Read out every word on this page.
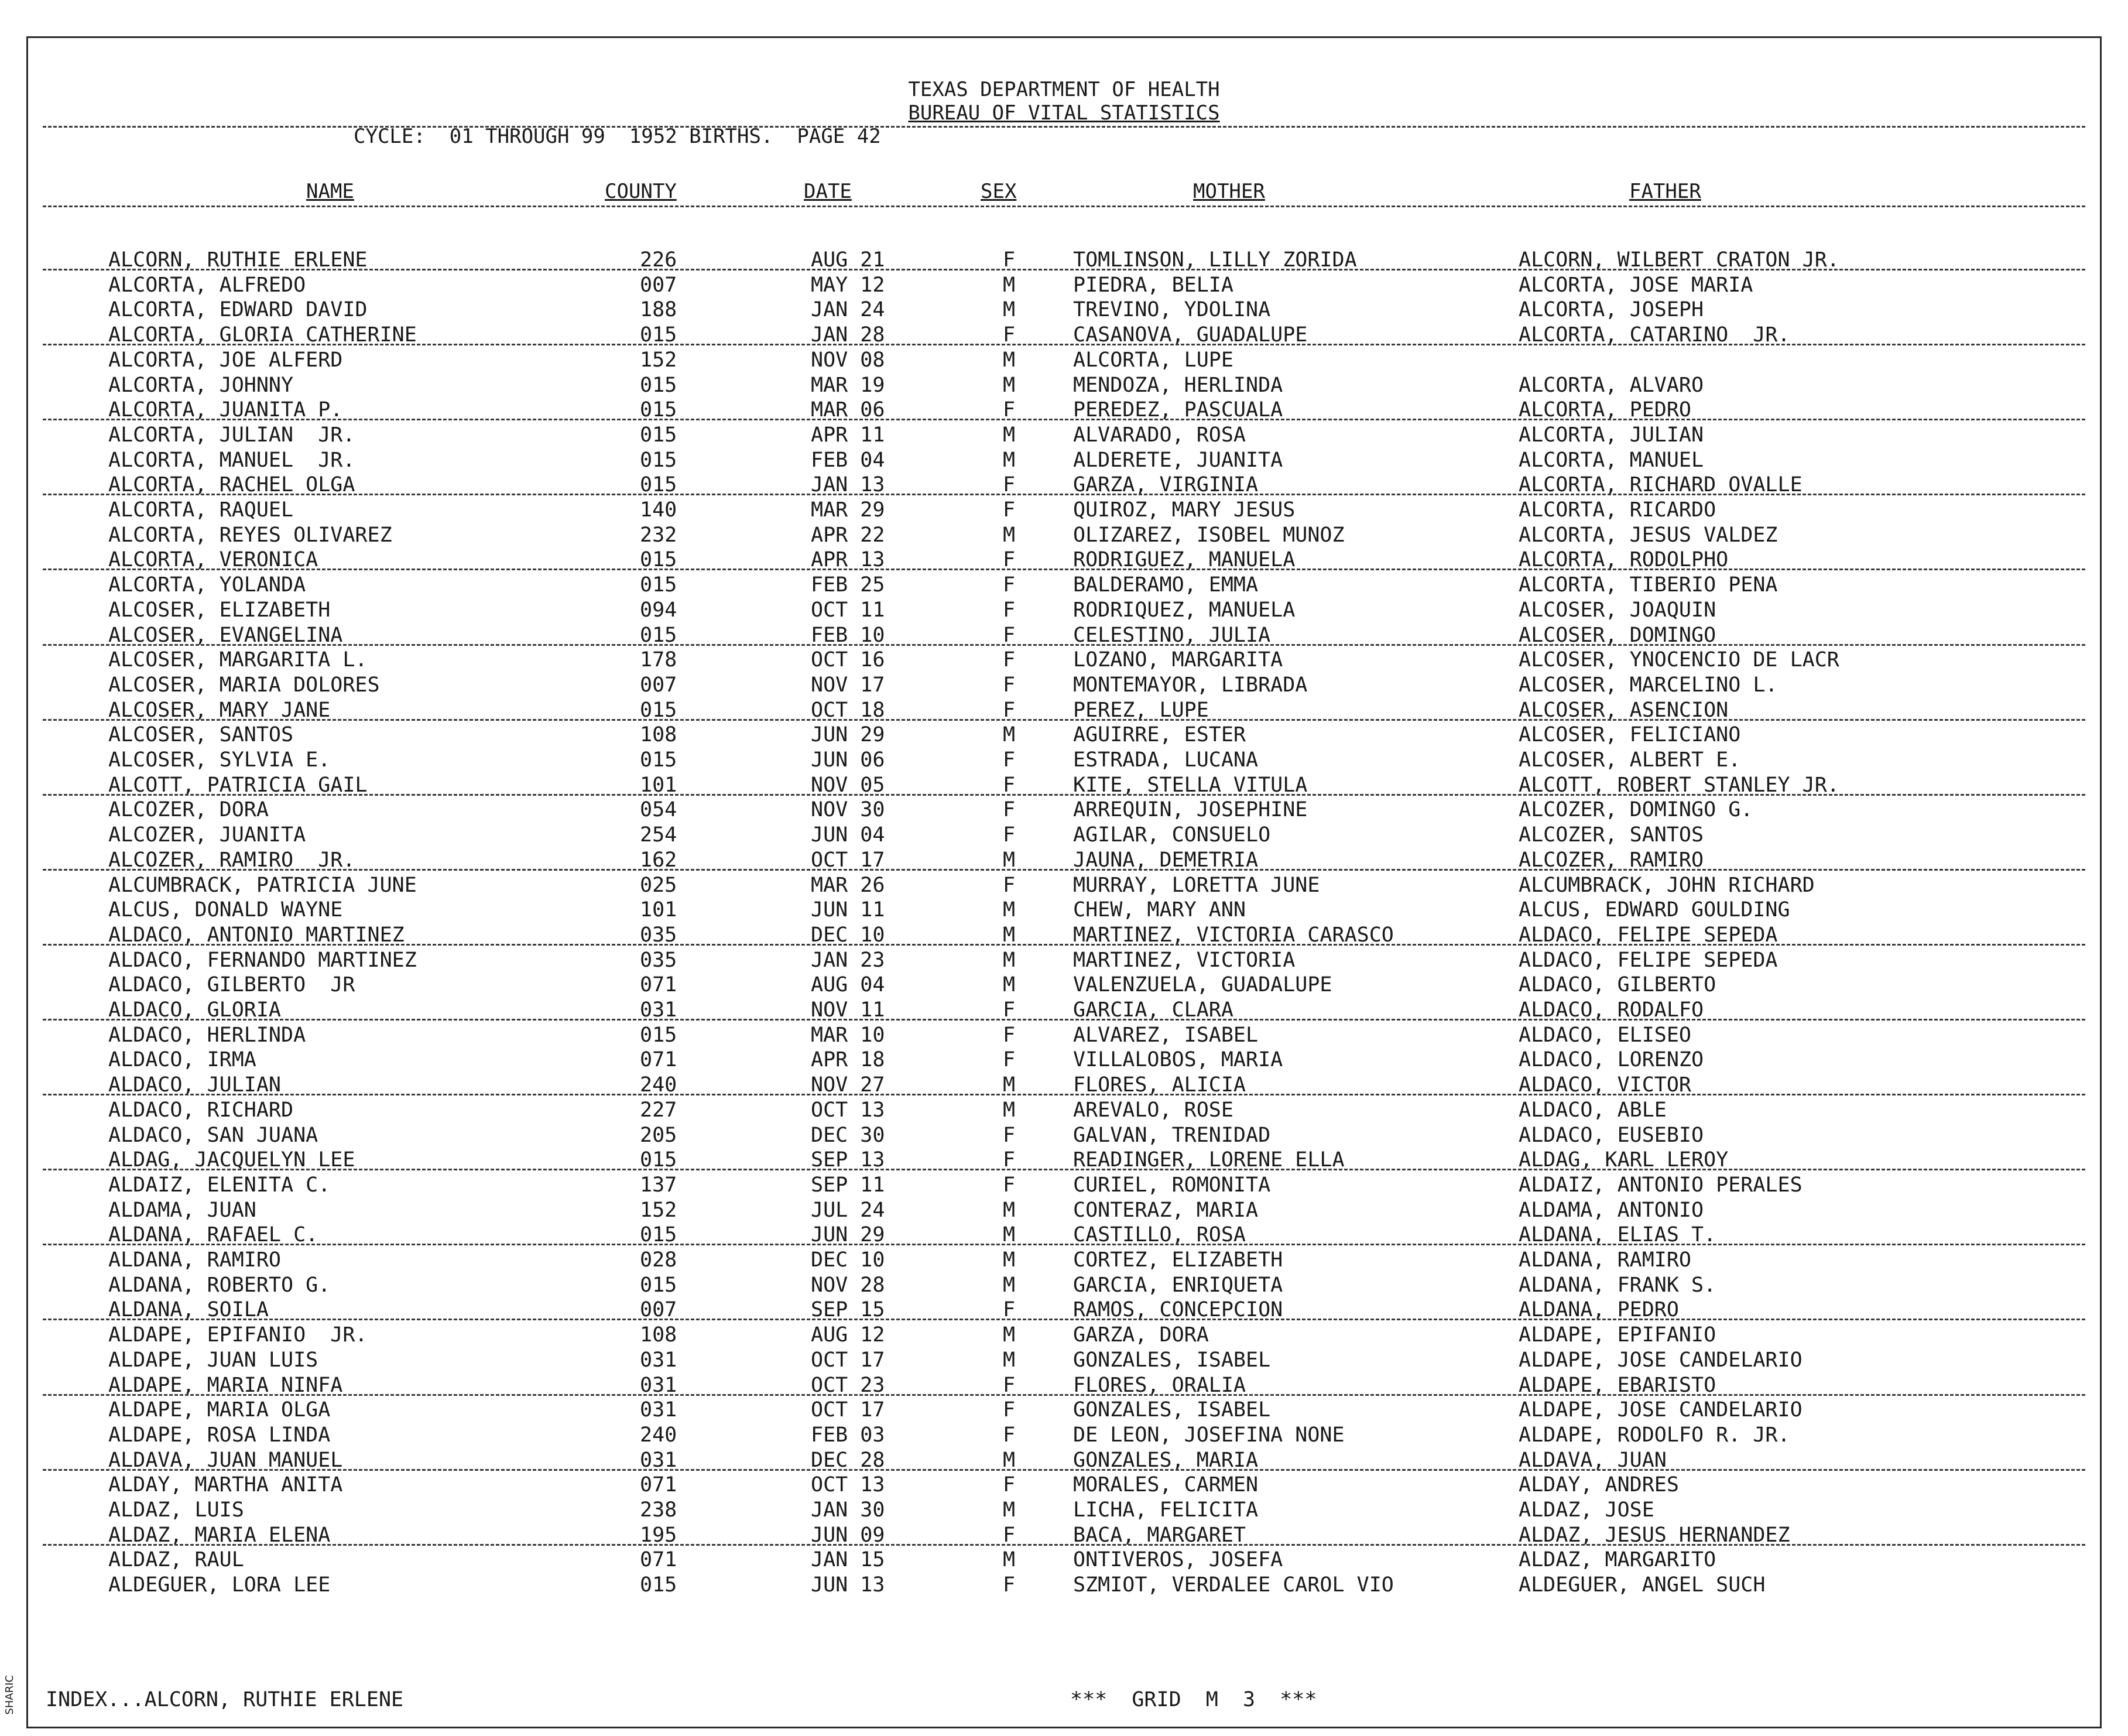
TEXAS DEPARTMENT OF HEALTH
BUREAU OF VITAL STATISTICS
CYCLE:  01 THROUGH 99  1952 BIRTHS.  PAGE 42
NAME	COUNTY	DATE	SEX	MOTHER	FATHER
ALCORN, RUTHIE ERLENE	226	AUG 21	F	TOMLINSON, LILLY ZORIDA	ALCORN, WILBERT CRATON JR.
ALCORTA, ALFREDO	007	MAY 12	M	PIEDRA, BELIA	ALCORTA, JOSE MARIA
ALCORTA, EDWARD DAVID	188	JAN 24	M	TREVINO, YDOLINA	ALCORTA, JOSEPH
ALCORTA, GLORIA CATHERINE	015	JAN 28	F	CASANOVA, GUADALUPE	ALCORTA, CATARINO  JR.
ALCORTA, JOE ALFERD	152	NOV 08	M	ALCORTA, LUPE
ALCORTA, JOHNNY	015	MAR 19	M	MENDOZA, HERLINDA	ALCORTA, ALVARO
ALCORTA, JUANITA P.	015	MAR 06	F	PEREDEZ, PASCUALA	ALCORTA, PEDRO
ALCORTA, JULIAN  JR.	015	APR 11	M	ALVARADO, ROSA	ALCORTA, JULIAN
ALCORTA, MANUEL  JR.	015	FEB 04	M	ALDERETE, JUANITA	ALCORTA, MANUEL
ALCORTA, RACHEL OLGA	015	JAN 13	F	GARZA, VIRGINIA	ALCORTA, RICHARD OVALLE
ALCORTA, RAQUEL	140	MAR 29	F	QUIROZ, MARY JESUS	ALCORTA, RICARDO
ALCORTA, REYES OLIVAREZ	232	APR 22	M	OLIZAREZ, ISOBEL MUNOZ	ALCORTA, JESUS VALDEZ
ALCORTA, VERONICA	015	APR 13	F	RODRIGUEZ, MANUELA	ALCORTA, RODOLPHO
ALCORTA, YOLANDA	015	FEB 25	F	BALDERAMO, EMMA	ALCORTA, TIBERIO PENA
ALCOSER, ELIZABETH	094	OCT 11	F	RODRIQUEZ, MANUELA	ALCOSER, JOAQUIN
ALCOSER, EVANGELINA	015	FEB 10	F	CELESTINO, JULIA	ALCOSER, DOMINGO
ALCOSER, MARGARITA L.	178	OCT 16	F	LOZANO, MARGARITA	ALCOSER, YNOCENCIO DE LACR
ALCOSER, MARIA DOLORES	007	NOV 17	F	MONTEMAYOR, LIBRADA	ALCOSER, MARCELINO L.
ALCOSER, MARY JANE	015	OCT 18	F	PEREZ, LUPE	ALCOSER, ASENCION
ALCOSER, SANTOS	108	JUN 29	M	AGUIRRE, ESTER	ALCOSER, FELICIANO
ALCOSER, SYLVIA E.	015	JUN 06	F	ESTRADA, LUCANA	ALCOSER, ALBERT E.
ALCOTT, PATRICIA GAIL	101	NOV 05	F	KITE, STELLA VITULA	ALCOTT, ROBERT STANLEY JR.
ALCOZER, DORA	054	NOV 30	F	ARREQUIN, JOSEPHINE	ALCOZER, DOMINGO G.
ALCOZER, JUANITA	254	JUN 04	F	AGILAR, CONSUELO	ALCOZER, SANTOS
ALCOZER, RAMIRO  JR.	162	OCT 17	M	JAUNA, DEMETRIA	ALCOZER, RAMIRO
ALCUMBRACK, PATRICIA JUNE	025	MAR 26	F	MURRAY, LORETTA JUNE	ALCUMBRACK, JOHN RICHARD
ALCUS, DONALD WAYNE	101	JUN 11	M	CHEW, MARY ANN	ALCUS, EDWARD GOULDING
ALDACO, ANTONIO MARTINEZ	035	DEC 10	M	MARTINEZ, VICTORIA CARASCO	ALDACO, FELIPE SEPEDA
ALDACO, FERNANDO MARTINEZ	035	JAN 23	M	MARTINEZ, VICTORIA	ALDACO, FELIPE SEPEDA
ALDACO, GILBERTO  JR	071	AUG 04	M	VALENZUELA, GUADALUPE	ALDACO, GILBERTO
ALDACO, GLORIA	031	NOV 11	F	GARCIA, CLARA	ALDACO, RODALFO
ALDACO, HERLINDA	015	MAR 10	F	ALVAREZ, ISABEL	ALDACO, ELISEO
ALDACO, IRMA	071	APR 18	F	VILLALOBOS, MARIA	ALDACO, LORENZO
ALDACO, JULIAN	240	NOV 27	M	FLORES, ALICIA	ALDACO, VICTOR
ALDACO, RICHARD	227	OCT 13	M	AREVALO, ROSE	ALDACO, ABLE
ALDACO, SAN JUANA	205	DEC 30	F	GALVAN, TRENIDAD	ALDACO, EUSEBIO
ALDAG, JACQUELYN LEE	015	SEP 13	F	READINGER, LORENE ELLA	ALDAG, KARL LEROY
ALDAIZ, ELENITA C.	137	SEP 11	F	CURIEL, ROMONITA	ALDAIZ, ANTONIO PERALES
ALDAMA, JUAN	152	JUL 24	M	CONTERAZ, MARIA	ALDAMA, ANTONIO
ALDANA, RAFAEL C.	015	JUN 29	M	CASTILLO, ROSA	ALDANA, ELIAS T.
ALDANA, RAMIRO	028	DEC 10	M	CORTEZ, ELIZABETH	ALDANA, RAMIRO
ALDANA, ROBERTO G.	015	NOV 28	M	GARCIA, ENRIQUETA	ALDANA, FRANK S.
ALDANA, SOILA	007	SEP 15	F	RAMOS, CONCEPCION	ALDANA, PEDRO
ALDAPE, EPIFANIO  JR.	108	AUG 12	M	GARZA, DORA	ALDAPE, EPIFANIO
ALDAPE, JUAN LUIS	031	OCT 17	M	GONZALES, ISABEL	ALDAPE, JOSE CANDELARIO
ALDAPE, MARIA NINFA	031	OCT 23	F	FLORES, ORALIA	ALDAPE, EBARISTO
ALDAPE, MARIA OLGA	031	OCT 17	F	GONZALES, ISABEL	ALDAPE, JOSE CANDELARIO
ALDAPE, ROSA LINDA	240	FEB 03	F	DE LEON, JOSEFINA NONE	ALDAPE, RODOLFO R. JR.
ALDAVA, JUAN MANUEL	031	DEC 28	M	GONZALES, MARIA	ALDAVA, JUAN
ALDAY, MARTHA ANITA	071	OCT 13	F	MORALES, CARMEN	ALDAY, ANDRES
ALDAZ, LUIS	238	JAN 30	M	LICHA, FELICITA	ALDAZ, JOSE
ALDAZ, MARIA ELENA	195	JUN 09	F	BACA, MARGARET	ALDAZ, JESUS HERNANDEZ
ALDAZ, RAUL	071	JAN 15	M	ONTIVEROS, JOSEFA	ALDAZ, MARGARITO
ALDEGUER, LORA LEE	015	JUN 13	F	SZMIOT, VERDALEE CAROL VIO	ALDEGUER, ANGEL SUCH
INDEX...ALCORN, RUTHIE ERLENE	***  GRID  M  3  ***
SHARIC
